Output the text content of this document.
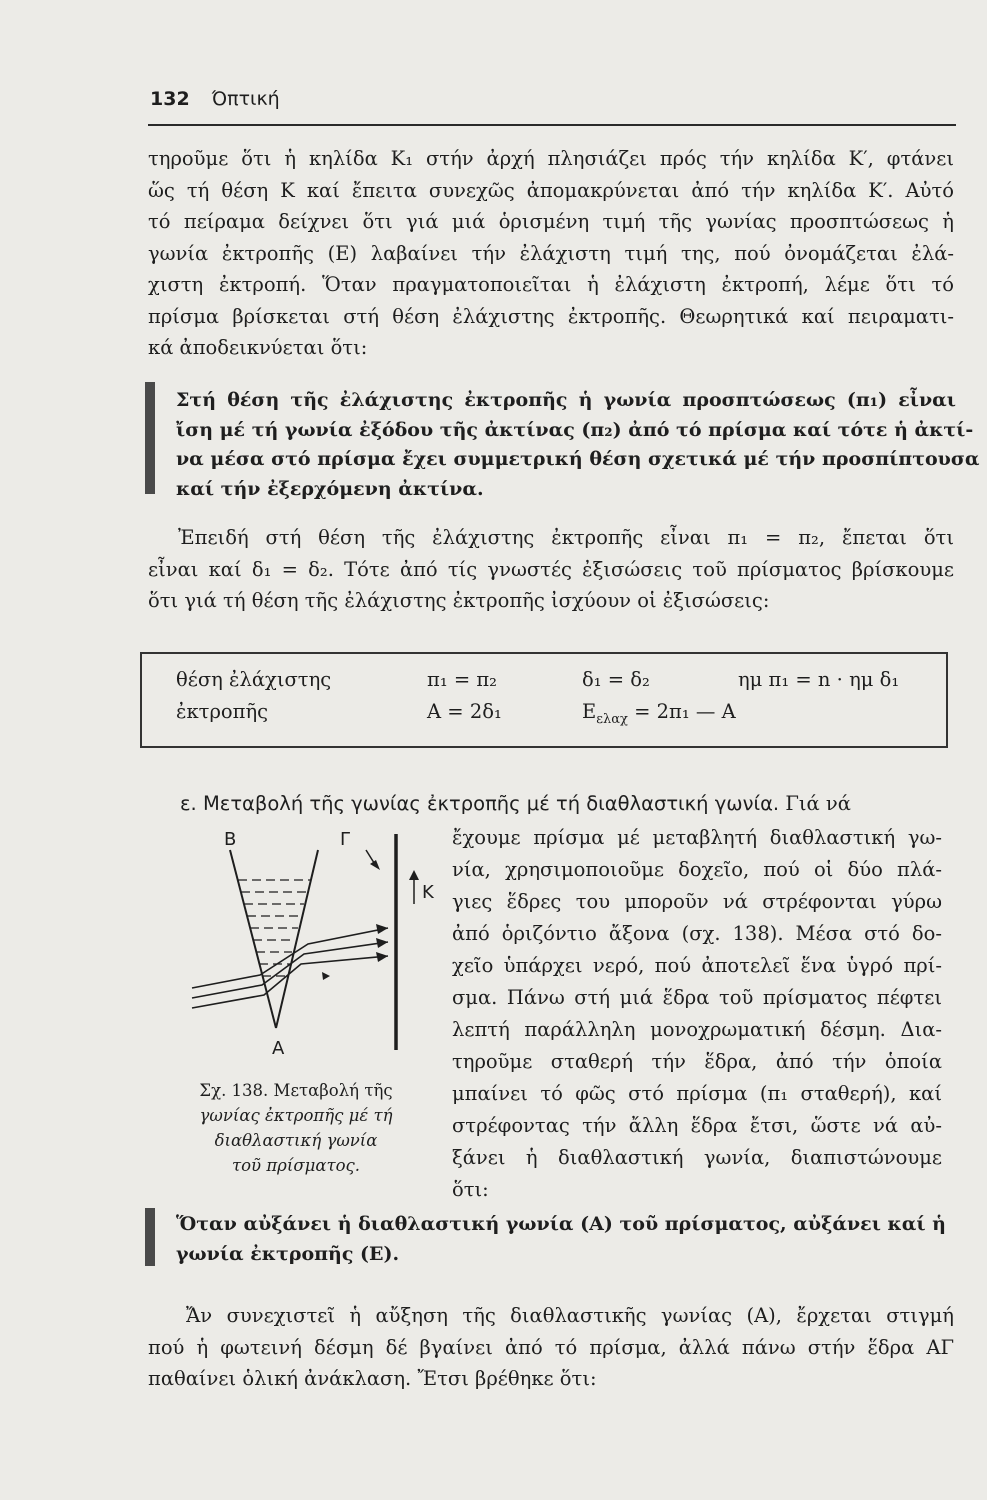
132 Όπτική
τηροῦμε ὅτι ἡ κηλίδα K₁ στήν ἀρχή πλησιάζει πρός τήν κηλίδα K′, φτάνει
ὥς τή θέση K καί ἔπειτα συνεχῶς ἀπομακρύνεται ἀπό τήν κηλίδα K′. Αὐτό
τό πείραμα δείχνει ὅτι γιά μιά ὁρισμένη τιμή τῆς γωνίας προσπτώσεως ἡ
γωνία ἐκτροπῆς (Ε) λαβαίνει τήν ἐλάχιστη τιμή της, πού ὀνομάζεται ἐλά-
χιστη ἐκτροπή. Ὅταν πραγματοποιεῖται ἡ ἐλάχιστη ἐκτροπή, λέμε ὅτι τό
πρίσμα βρίσκεται στή θέση ἐλάχιστης ἐκτροπῆς. Θεωρητικά καί πειραματι-
κά ἀποδεικνύεται ὅτι:
Στή θέση τῆς ἐλάχιστης ἐκτροπῆς ἡ γωνία προσπτώσεως (π₁) εἶναι
ἴση μέ τή γωνία ἐξόδου τῆς ἀκτίνας (π₂) ἀπό τό πρίσμα καί τότε ἡ ἀκτί-
να μέσα στό πρίσμα ἔχει συμμετρική θέση σχετικά μέ τήν προσπίπτουσα
καί τήν ἐξερχόμενη ἀκτίνα.
Ἐπειδή στή θέση τῆς ἐλάχιστης ἐκτροπῆς εἶναι π₁ = π₂, ἔπεται ὅτι
εἶναι καί δ₁ = δ₂. Τότε ἀπό τίς γνωστές ἐξισώσεις τοῦ πρίσματος βρίσκουμε
ὅτι γιά τή θέση τῆς ἐλάχιστης ἐκτροπῆς ἰσχύουν οἱ ἐξισώσεις:
θέση ἐλάχιστης
ἐκτροπῆς
π₁ = π₂
A = 2δ₁
δ₁ = δ₂
$E_{\varepsilon\lambda\alpha\chi} = 2\pi_1$ — A
ημ π₁ = n · ημ δ₁
ε. Μεταβολή τῆς γωνίας ἐκτροπῆς μέ τή διαθλαστική γωνία. Γιά νά
ἔχουμε πρίσμα μέ μεταβλητή διαθλαστική γω-
νία, χρησιμοποιοῦμε δοχεῖο, πού οἱ δύο πλά-
γιες ἕδρες του μποροῦν νά στρέφονται γύρω
ἀπό ὁριζόντιο ἄξονα (σχ. 138). Μέσα στό δο-
χεῖο ὑπάρχει νερό, πού ἀποτελεῖ ἕνα ὑγρό πρί-
σμα. Πάνω στή μιά ἕδρα τοῦ πρίσματος πέφτει
λεπτή παράλληλη μονοχρωματική δέσμη. Δια-
τηροῦμε σταθερή τήν ἕδρα, ἀπό τήν ὁποία
μπαίνει τό φῶς στό πρίσμα (π₁ σταθερή), καί
στρέφοντας τήν ἄλλη ἕδρα ἔτσι, ὥστε νά αὐ-
ξάνει ἡ διαθλαστική γωνία, διαπιστώνουμε
ὅτι:
B	Γ
K
A
Σχ. 138. Μεταβολή τῆς
γωνίας ἐκτροπῆς μέ τή
διαθλαστική γωνία
τοῦ πρίσματος.
Ὅταν αὐξάνει ἡ διαθλαστική γωνία (A) τοῦ πρίσματος, αὐξάνει καί ἡ
γωνία ἐκτροπῆς (E).
Ἄν συνεχιστεῖ ἡ αὔξηση τῆς διαθλαστικῆς γωνίας (A), ἔρχεται στιγμή
πού ἡ φωτεινή δέσμη δέ βγαίνει ἀπό τό πρίσμα, ἀλλά πάνω στήν ἕδρα AΓ
παθαίνει ὁλική ἀνάκλαση. Ἔτσι βρέθηκε ὅτι:
